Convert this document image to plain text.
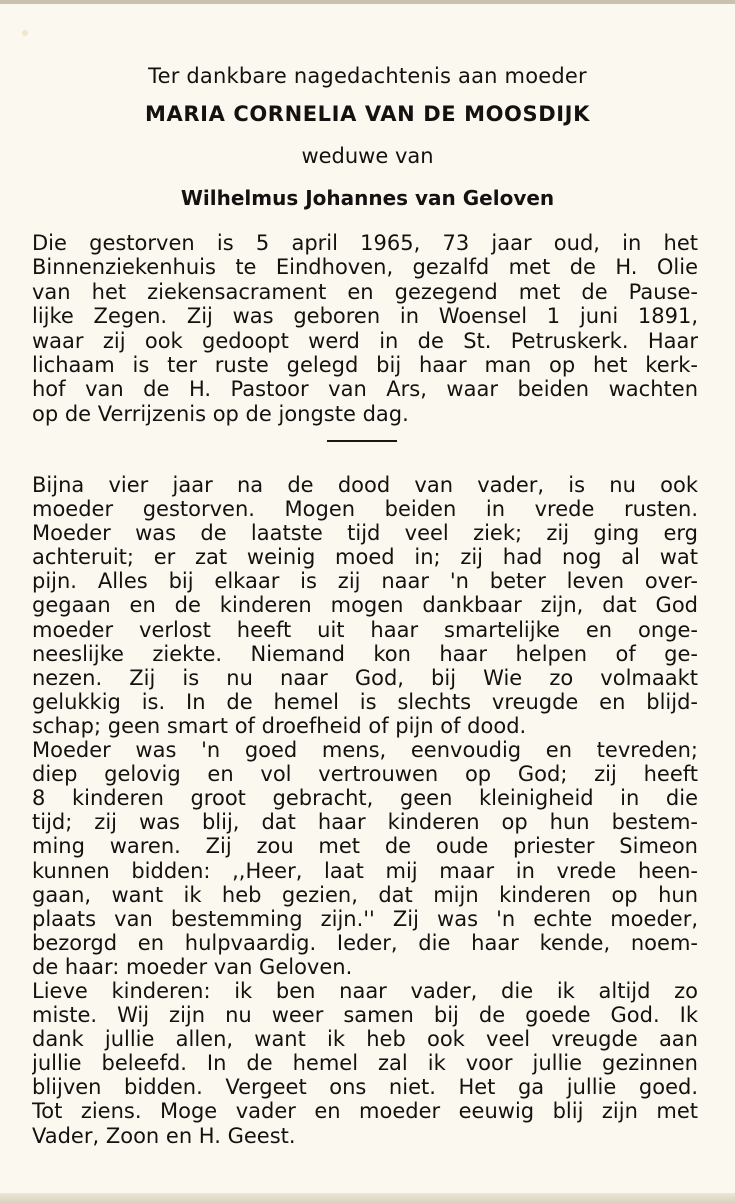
Ter dankbare nagedachtenis aan moeder
MARIA CORNELIA VAN DE MOOSDIJK
weduwe van
Wilhelmus Johannes van Geloven
Die gestorven is 5 april 1965, 73 jaar oud, in het
Binnenziekenhuis te Eindhoven, gezalfd met de H. Olie
van het ziekensacrament en gezegend met de Pause-
lijke Zegen. Zij was geboren in Woensel 1 juni 1891,
waar zij ook gedoopt werd in de St. Petruskerk. Haar
lichaam is ter ruste gelegd bij haar man op het kerk-
hof van de H. Pastoor van Ars, waar beiden wachten
op de Verrijzenis op de jongste dag.
Bijna vier jaar na de dood van vader, is nu ook
moeder gestorven. Mogen beiden in vrede rusten.
Moeder was de laatste tijd veel ziek; zij ging erg
achteruit; er zat weinig moed in; zij had nog al wat
pijn. Alles bij elkaar is zij naar 'n beter leven over-
gegaan en de kinderen mogen dankbaar zijn, dat God
moeder verlost heeft uit haar smartelijke en onge-
neeslijke ziekte. Niemand kon haar helpen of ge-
nezen. Zij is nu naar God, bij Wie zo volmaakt
gelukkig is. In de hemel is slechts vreugde en blijd-
schap; geen smart of droefheid of pijn of dood.
Moeder was 'n goed mens, eenvoudig en tevreden;
diep gelovig en vol vertrouwen op God; zij heeft
8 kinderen groot gebracht, geen kleinigheid in die
tijd; zij was blij, dat haar kinderen op hun bestem-
ming waren. Zij zou met de oude priester Simeon
kunnen bidden: ,,Heer, laat mij maar in vrede heen-
gaan, want ik heb gezien, dat mijn kinderen op hun
plaats van bestemming zijn.'' Zij was 'n echte moeder,
bezorgd en hulpvaardig. Ieder, die haar kende, noem-
de haar: moeder van Geloven.
Lieve kinderen: ik ben naar vader, die ik altijd zo
miste. Wij zijn nu weer samen bij de goede God. Ik
dank jullie allen, want ik heb ook veel vreugde aan
jullie beleefd. In de hemel zal ik voor jullie gezinnen
blijven bidden. Vergeet ons niet. Het ga jullie goed.
Tot ziens. Moge vader en moeder eeuwig blij zijn met
Vader, Zoon en H. Geest.
